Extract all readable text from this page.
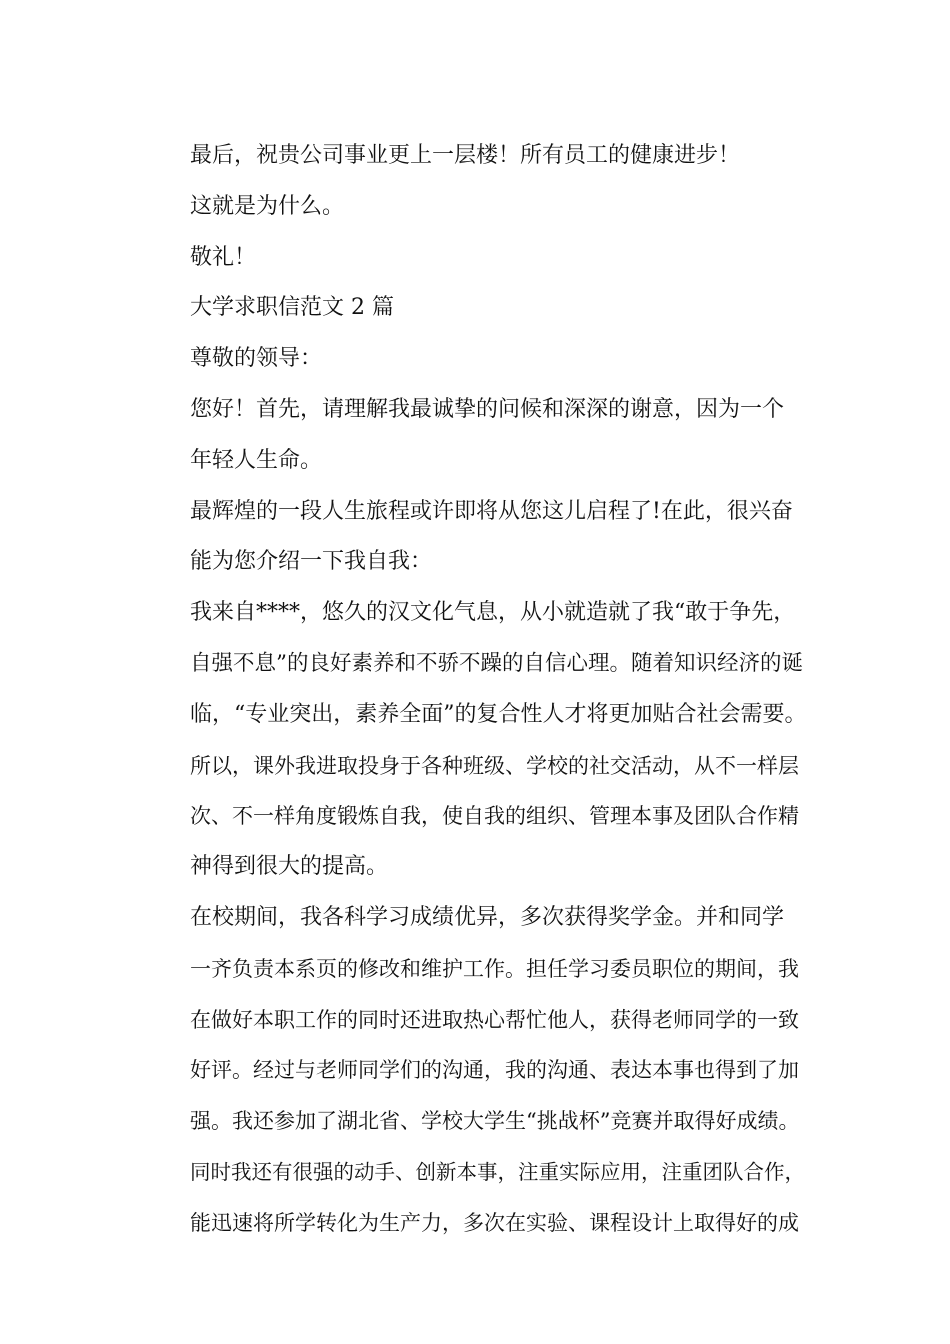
最后，祝贵公司事业更上一层楼！所有员工的健康进步！

这就是为什么。

敬礼！

大学求职信范文 2 篇

尊敬的领导：

您好！首先，请理解我最诚挚的问候和深深的谢意，因为一个
年轻人生命。

最辉煌的一段人生旅程或许即将从您这儿启程了!在此，很兴奋
能为您介绍一下我自我：

我来自****，悠久的汉文化气息，从小就造就了我“敢于争先，
自强不息”的良好素养和不骄不躁的自信心理。随着知识经济的诞
临，“专业突出，素养全面”的复合性人才将更加贴合社会需要。
所以，课外我进取投身于各种班级、学校的社交活动，从不一样层
次、不一样角度锻炼自我，使自我的组织、管理本事及团队合作精
神得到很大的提高。

在校期间，我各科学习成绩优异，多次获得奖学金。并和同学
一齐负责本系页的修改和维护工作。担任学习委员职位的期间，我
在做好本职工作的同时还进取热心帮忙他人，获得老师同学的一致
好评。经过与老师同学们的沟通，我的沟通、表达本事也得到了加
强。我还参加了湖北省、学校大学生“挑战杯”竞赛并取得好成绩。
同时我还有很强的动手、创新本事，注重实际应用，注重团队合作，
能迅速将所学转化为生产力，多次在实验、课程设计上取得好的成
